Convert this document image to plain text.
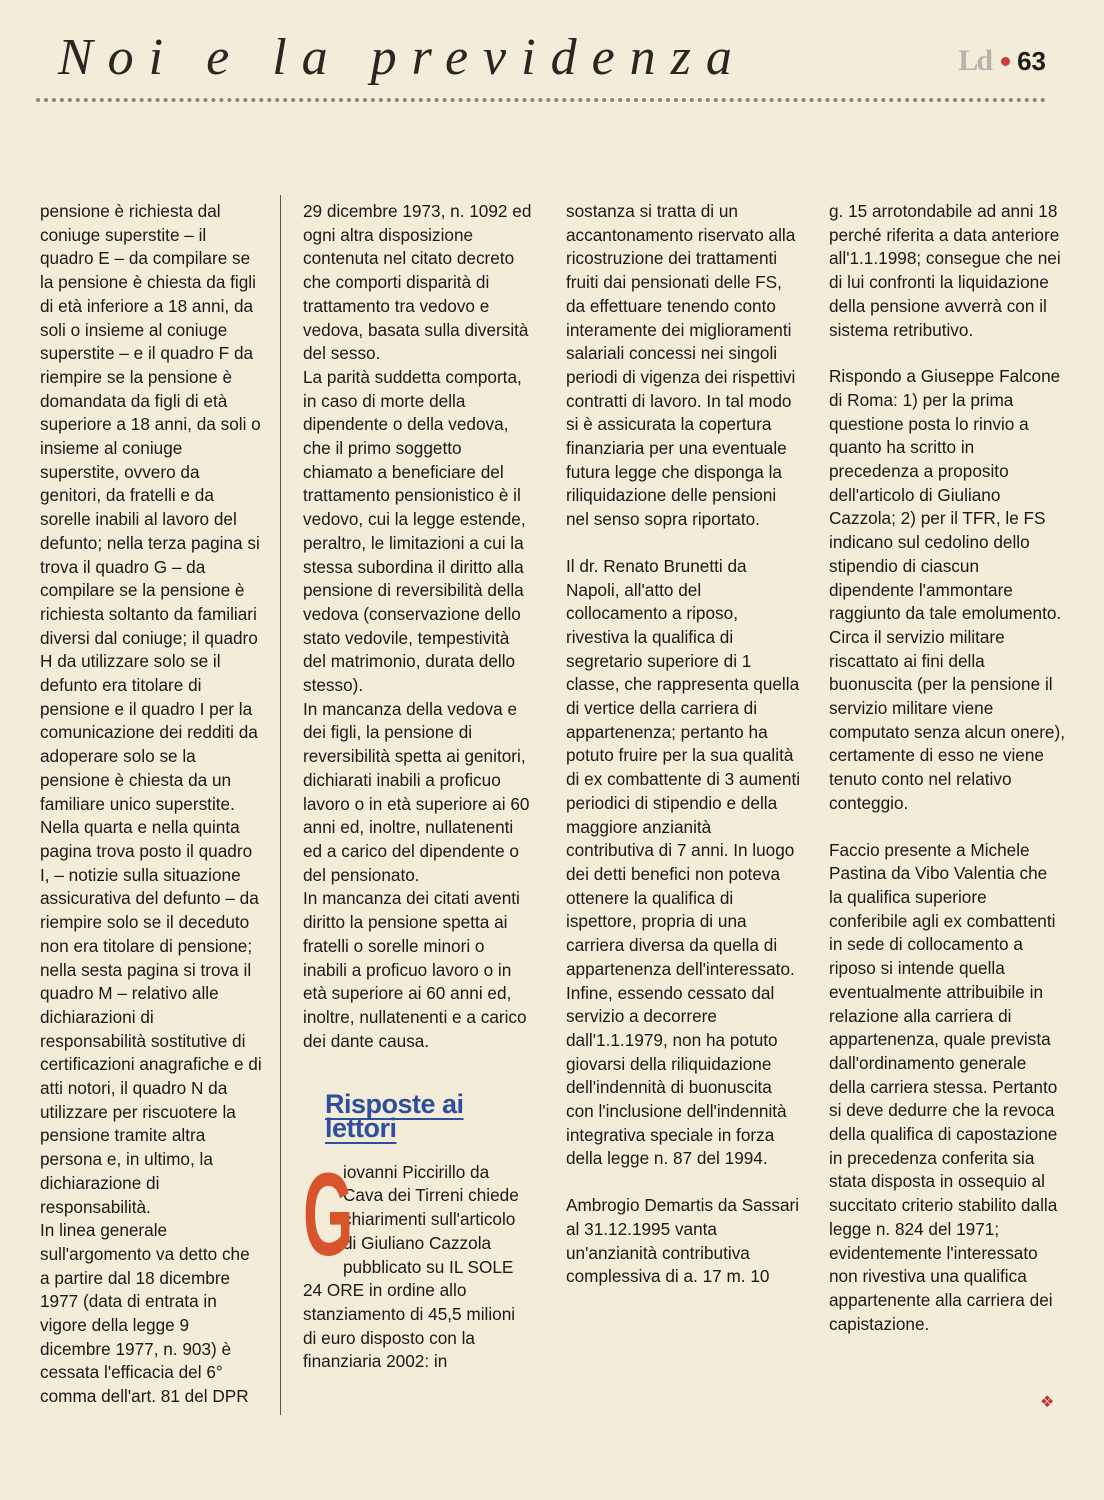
Noi e la previdenza	Ld 63

pensione è richiesta dal coniuge superstite – il quadro E – da compilare se la pensione è chiesta da figli di età inferiore a 18 anni, da soli o insieme al coniuge superstite – e il quadro F da riempire se la pensione è domandata da figli di età superiore a 18 anni, da soli o insieme al coniuge superstite, ovvero da genitori, da fratelli e da sorelle inabili al lavoro del defunto; nella terza pagina si trova il quadro G – da compilare se la pensione è richiesta soltanto da familiari diversi dal coniuge; il quadro H da utilizzare solo se il defunto era titolare di pensione e il quadro I per la comunicazione dei redditi da adoperare solo se la pensione è chiesta da un familiare unico superstite.

Nella quarta e nella quinta pagina trova posto il quadro I, – notizie sulla situazione assicurativa del defunto – da riempire solo se il deceduto non era titolare di pensione; nella sesta pagina si trova il quadro M – relativo alle dichiarazioni di responsabilità sostitutive di certificazioni anagrafiche e di atti notori, il quadro N da utilizzare per riscuotere la pensione tramite altra persona e, in ultimo, la dichiarazione di responsabilità.

In linea generale sull'argomento va detto che a partire dal 18 dicembre 1977 (data di entrata in vigore della legge 9 dicembre 1977, n. 903) è cessata l'efficacia del 6° comma dell'art. 81 del DPR

29 dicembre 1973, n. 1092 ed ogni altra disposizione contenuta nel citato decreto che comporti disparità di trattamento tra vedovo e vedova, basata sulla diversità del sesso.

La parità suddetta comporta, in caso di morte della dipendente o della vedova, che il primo soggetto chiamato a beneficiare del trattamento pensionistico è il vedovo, cui la legge estende, peraltro, le limitazioni a cui la stessa subordina il diritto alla pensione di reversibilità della vedova (conservazione dello stato vedovile, tempestività del matrimonio, durata dello stesso).

In mancanza della vedova e dei figli, la pensione di reversibilità spetta ai genitori, dichiarati inabili a proficuo lavoro o in età superiore ai 60 anni ed, inoltre, nullatenenti ed a carico del dipendente o del pensionato.

In mancanza dei citati aventi diritto la pensione spetta ai fratelli o sorelle minori o inabili a proficuo lavoro o in età superiore ai 60 anni ed, inoltre, nullatenenti e a carico dei dante causa.

Risposte ai lettori

G
iovanni Piccirillo da Cava dei Tirreni chiede chiarimenti sull'articolo di Giuliano Cazzola pubblicato su IL SOLE 24 ORE in ordine allo stanziamento di 45,5 milioni di euro disposto con la finanziaria 2002: in

sostanza si tratta di un accantonamento riservato alla ricostruzione dei trattamenti fruiti dai pensionati delle FS, da effettuare tenendo conto interamente dei miglioramenti salariali concessi nei singoli periodi di vigenza dei rispettivi contratti di lavoro. In tal modo si è assicurata la copertura finanziaria per una eventuale futura legge che disponga la riliquidazione delle pensioni nel senso sopra riportato.

Il dr. Renato Brunetti da Napoli, all'atto del collocamento a riposo, rivestiva la qualifica di segretario superiore di 1 classe, che rappresenta quella di vertice della carriera di appartenenza; pertanto ha potuto fruire per la sua qualità di ex combattente di 3 aumenti periodici di stipendio e della maggiore anzianità contributiva di 7 anni. In luogo dei detti benefici non poteva ottenere la qualifica di ispettore, propria di una carriera diversa da quella di appartenenza dell'interessato. Infine, essendo cessato dal servizio a decorrere dall'1.1.1979, non ha potuto giovarsi della riliquidazione dell'indennità di buonuscita con l'inclusione dell'indennità integrativa speciale in forza della legge n. 87 del 1994.

Ambrogio Demartis da Sassari al 31.12.1995 vanta un'anzianità contributiva complessiva di a. 17 m. 10

g. 15 arrotondabile ad anni 18 perché riferita a data anteriore all'1.1.1998; consegue che nei di lui confronti la liquidazione della pensione avverrà con il sistema retributivo.

Rispondo a Giuseppe Falcone di Roma: 1) per la prima questione posta lo rinvio a quanto ha scritto in precedenza a proposito dell'articolo di Giuliano Cazzola; 2) per il TFR, le FS indicano sul cedolino dello stipendio di ciascun dipendente l'ammontare raggiunto da tale emolumento. Circa il servizio militare riscattato ai fini della buonuscita (per la pensione il servizio militare viene computato senza alcun onere), certamente di esso ne viene tenuto conto nel relativo conteggio.

Faccio presente a Michele Pastina da Vibo Valentia che la qualifica superiore conferibile agli ex combattenti in sede di collocamento a riposo si intende quella eventualmente attribuibile in relazione alla carriera di appartenenza, quale prevista dall'ordinamento generale della carriera stessa. Pertanto si deve dedurre che la revoca della qualifica di capostazione in precedenza conferita sia stata disposta in ossequio al succitato criterio stabilito dalla legge n. 824 del 1971; evidentemente l'interessato non rivestiva una qualifica appartenente alla carriera dei capistazione.

❖
